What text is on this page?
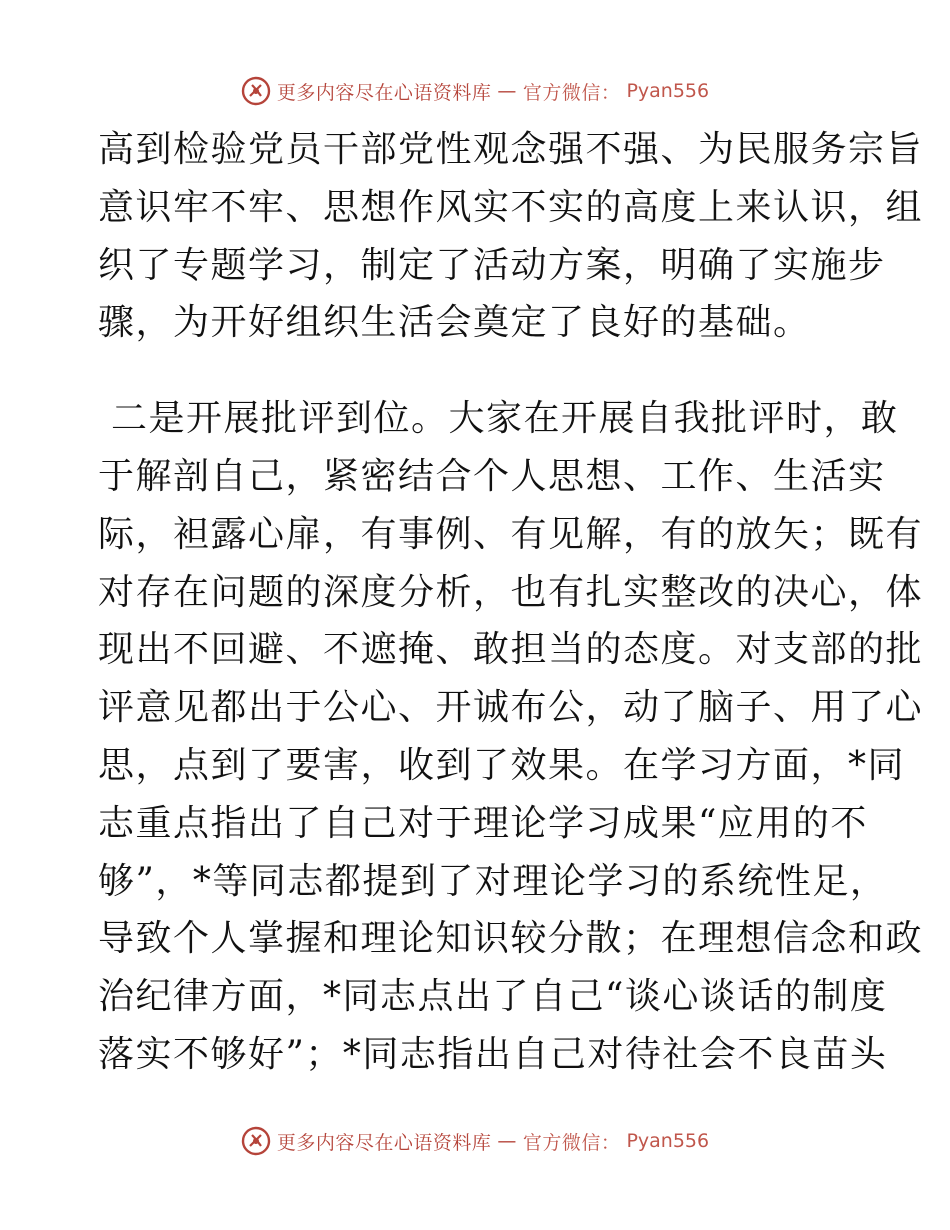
更多内容尽在心语资料库 — 官方微信： Pyan556
高到检验党员干部党性观念强不强、为民服务宗旨
意识牢不牢、思想作风实不实的高度上来认识，组
织了专题学习，制定了活动方案，明确了实施步
骤，为开好组织生活会奠定了良好的基础。
二是开展批评到位。大家在开展自我批评时，敢
于解剖自己，紧密结合个人思想、工作、生活实
际，袒露心扉，有事例、有见解，有的放矢；既有
对存在问题的深度分析，也有扎实整改的决心，体
现出不回避、不遮掩、敢担当的态度。对支部的批
评意见都出于公心、开诚布公，动了脑子、用了心
思，点到了要害，收到了效果。在学习方面，*同
志重点指出了自己对于理论学习成果“应用的不
够”，*等同志都提到了对理论学习的系统性足，
导致个人掌握和理论知识较分散；在理想信念和政
治纪律方面，*同志点出了自己“谈心谈话的制度
落实不够好”；*同志指出自己对待社会不良苗头
更多内容尽在心语资料库 — 官方微信： Pyan556
